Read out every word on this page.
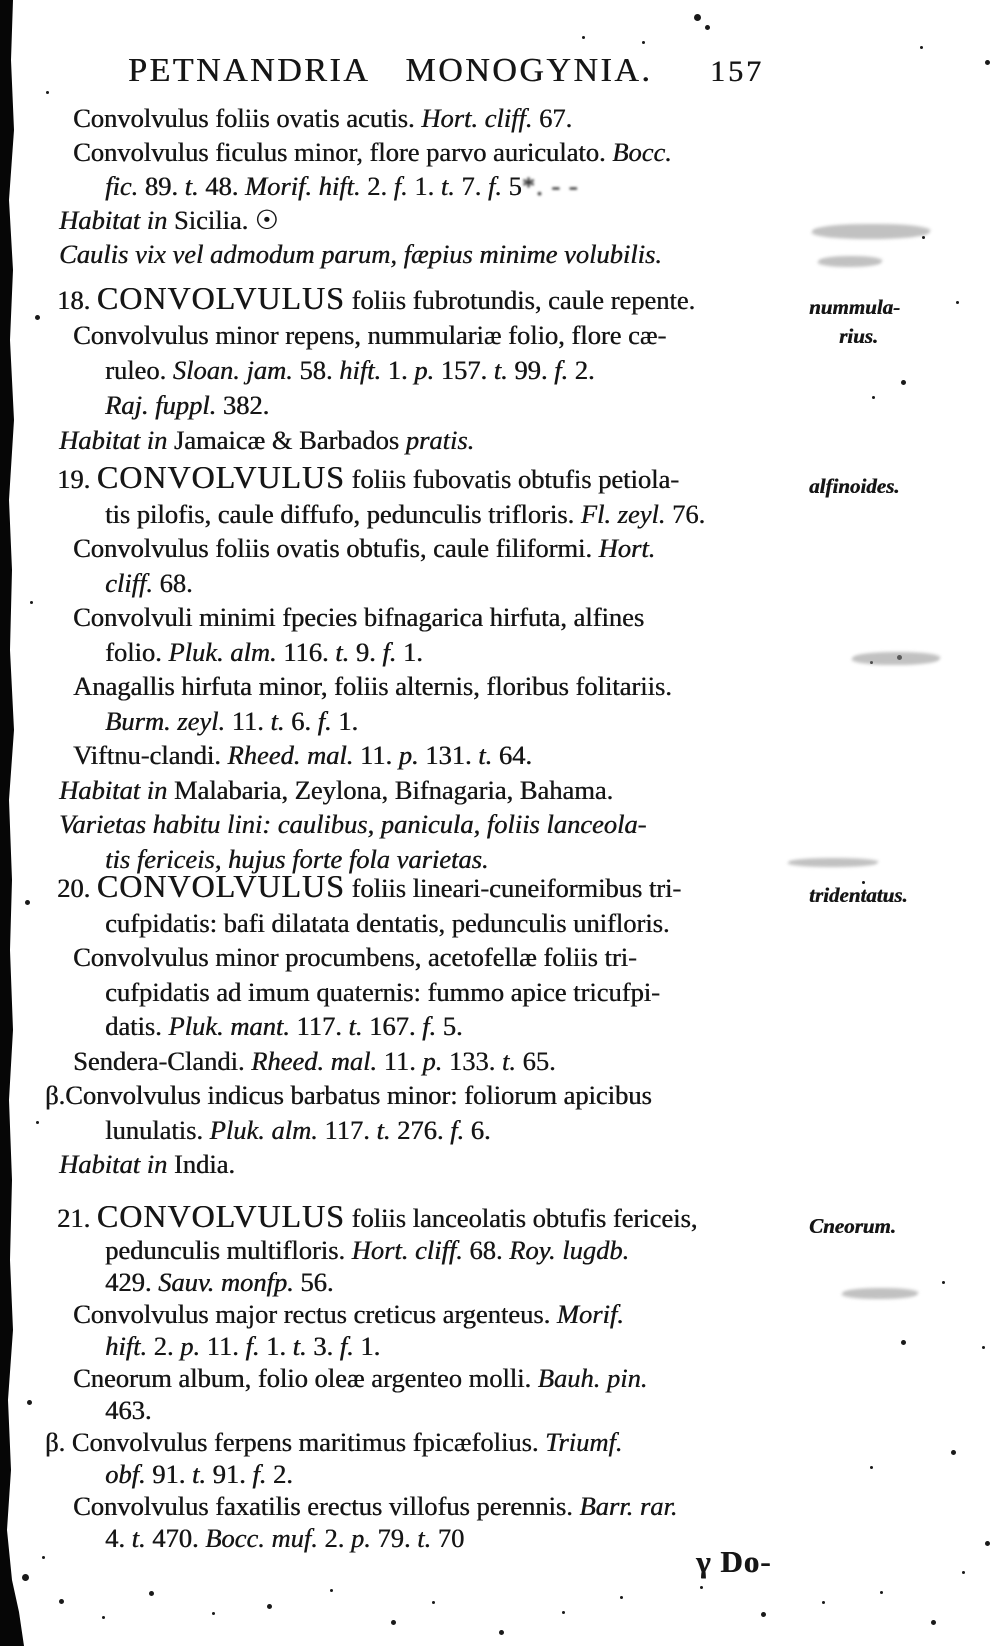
PETNANDRIA MONOGYNIA. 157
Convolvulus foliis ovatis acutis. Hort. cliff. 67.
Convolvulus ficulus minor, flore parvo auriculato. Bocc.
fic. 89. t. 48. Morif. hift. 2. f. 1. t. 7. f. 5*. - -
Habitat in Sicilia. ☉
Caulis vix vel admodum parum, fæpius minime volubilis.
18. CONVOLVULUS foliis fubrotundis, caule repente.
Convolvulus minor repens, nummulariæ folio, flore cæ-
ruleo. Sloan. jam. 58. hift. 1. p. 157. t. 99. f. 2.
Raj. fuppl. 382.
Habitat in Jamaicæ & Barbados pratis.
nummula-
rius.
19. CONVOLVULUS foliis fubovatis obtufis petiola-
tis pilofis, caule diffufo, pedunculis trifloris. Fl. zeyl. 76.
Convolvulus foliis ovatis obtufis, caule filiformi. Hort.
cliff. 68.
Convolvuli minimi fpecies bifnagarica hirfuta, alfines
folio. Pluk. alm. 116. t. 9. f. 1.
Anagallis hirfuta minor, foliis alternis, floribus folitariis.
Burm. zeyl. 11. t. 6. f. 1.
Viftnu-clandi. Rheed. mal. 11. p. 131. t. 64.
Habitat in Malabaria, Zeylona, Bifnagaria, Bahama.
Varietas habitu lini: caulibus, panicula, foliis lanceola-
tis fericeis, hujus forte fola varietas.
alfinoides.
20. CONVOLVULUS foliis lineari-cuneiformibus tri-
cufpidatis: bafi dilatata dentatis, pedunculis unifloris.
Convolvulus minor procumbens, acetofellæ foliis tri-
cufpidatis ad imum quaternis: fummo apice tricufpi-
datis. Pluk. mant. 117. t. 167. f. 5.
Sendera-Clandi. Rheed. mal. 11. p. 133. t. 65.
β.Convolvulus indicus barbatus minor: foliorum apicibus
lunulatis. Pluk. alm. 117. t. 276. f. 6.
Habitat in India.
tridentatus.
21. CONVOLVULUS foliis lanceolatis obtufis fericeis,
pedunculis multifloris. Hort. cliff. 68. Roy. lugdb.
429. Sauv. monfp. 56.
Convolvulus major rectus creticus argenteus. Morif.
hift. 2. p. 11. f. 1. t. 3. f. 1.
Cneorum album, folio oleæ argenteo molli. Bauh. pin.
463.
β. Convolvulus ferpens maritimus fpicæfolius. Triumf.
obf. 91. t. 91. f. 2.
Convolvulus faxatilis erectus villofus perennis. Barr. rar.
4. t. 470. Bocc. muf. 2. p. 79. t. 70
Cneorum.
γ Do-
